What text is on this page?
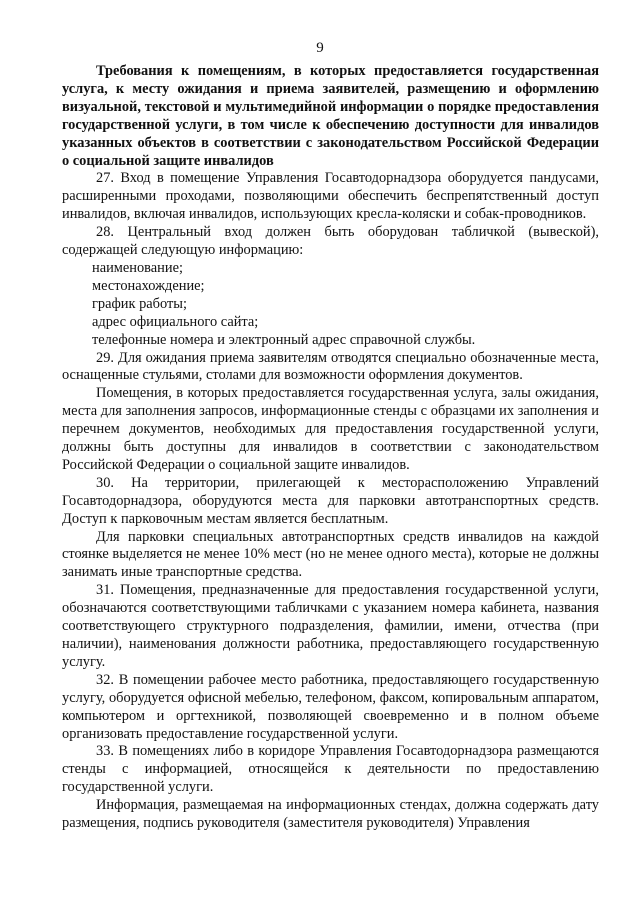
9

Требования к помещениям, в которых предоставляется государственная услуга, к месту ожидания и приема заявителей, размещению и оформлению визуальной, текстовой и мультимедийной информации о порядке предоставления государственной услуги, в том числе к обеспечению доступности для инвалидов указанных объектов в соответствии с законодательством Российской Федерации о социальной защите инвалидов

27. Вход в помещение Управления Госавтодорнадзора оборудуется пандусами, расширенными проходами, позволяющими обеспечить беспрепятственный доступ инвалидов, включая инвалидов, использующих кресла-коляски и собак-проводников.

28. Центральный вход должен быть оборудован табличкой (вывеской), содержащей следующую информацию:

наименование;
местонахождение;
график работы;
адрес официального сайта;
телефонные номера и электронный адрес справочной службы.

29. Для ожидания приема заявителям отводятся специально обозначенные места, оснащенные стульями, столами для возможности оформления документов.

Помещения, в которых предоставляется государственная услуга, залы ожидания, места для заполнения запросов, информационные стенды с образцами их заполнения и перечнем документов, необходимых для предоставления государственной услуги, должны быть доступны для инвалидов в соответствии с законодательством Российской Федерации о социальной защите инвалидов.

30. На территории, прилегающей к месторасположению Управлений Госавтодорнадзора, оборудуются места для парковки автотранспортных средств. Доступ к парковочным местам является бесплатным.

Для парковки специальных автотранспортных средств инвалидов на каждой стоянке выделяется не менее 10% мест (но не менее одного места), которые не должны занимать иные транспортные средства.

31. Помещения, предназначенные для предоставления государственной услуги, обозначаются соответствующими табличками с указанием номера кабинета, названия соответствующего структурного подразделения, фамилии, имени, отчества (при наличии), наименования должности работника, предоставляющего государственную услугу.

32. В помещении рабочее место работника, предоставляющего государственную услугу, оборудуется офисной мебелью, телефоном, факсом, копировальным аппаратом, компьютером и оргтехникой, позволяющей своевременно и в полном объеме организовать предоставление государственной услуги.

33. В помещениях либо в коридоре Управления Госавтодорнадзора размещаются стенды с информацией, относящейся к деятельности по предоставлению государственной услуги.

Информация, размещаемая на информационных стендах, должна содержать дату размещения, подпись руководителя (заместителя руководителя) Управления
